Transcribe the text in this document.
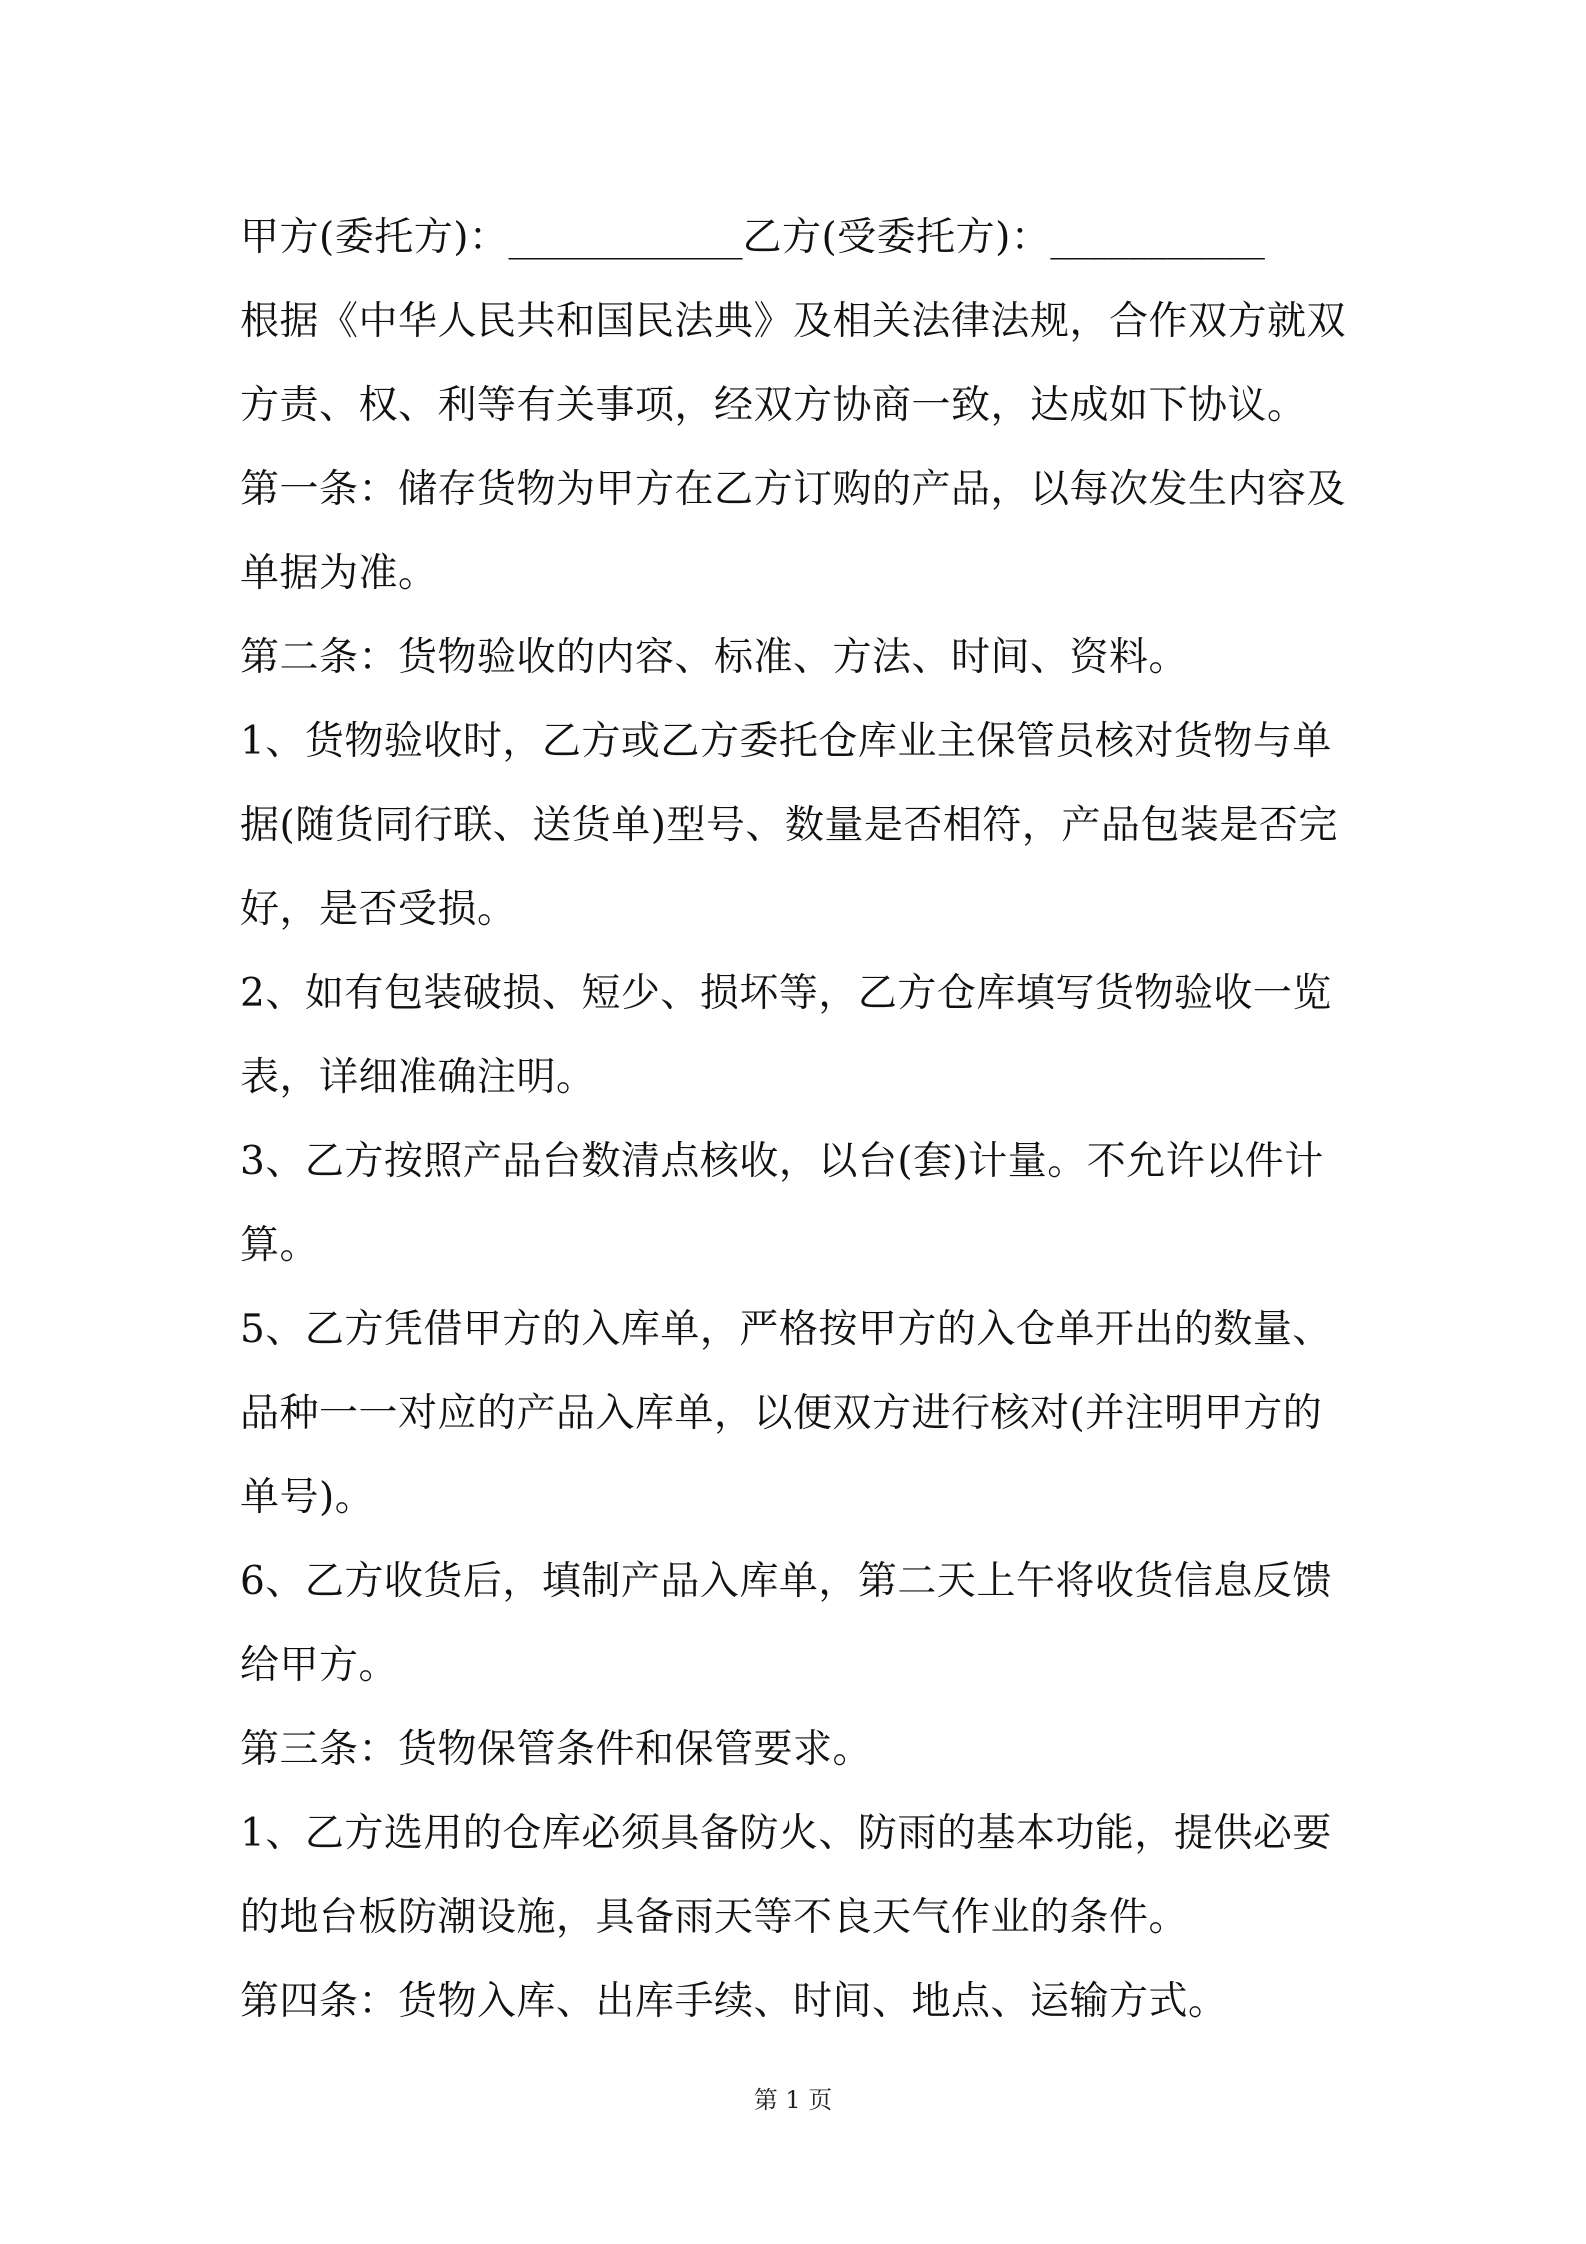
甲方(委托方)：____________乙方(受委托方)：___________
根据《中华人民共和国民法典》及相关法律法规，合作双方就双
方责、权、利等有关事项，经双方协商一致，达成如下协议。
第一条：储存货物为甲方在乙方订购的产品，以每次发生内容及
单据为准。
第二条：货物验收的内容、标准、方法、时间、资料。
1、货物验收时，乙方或乙方委托仓库业主保管员核对货物与单
据(随货同行联、送货单)型号、数量是否相符，产品包装是否完
好，是否受损。
2、如有包装破损、短少、损坏等，乙方仓库填写货物验收一览
表，详细准确注明。
3、乙方按照产品台数清点核收，以台(套)计量。不允许以件计
算。
5、乙方凭借甲方的入库单，严格按甲方的入仓单开出的数量、
品种一一对应的产品入库单，以便双方进行核对(并注明甲方的
单号)。
6、乙方收货后，填制产品入库单，第二天上午将收货信息反馈
给甲方。
第三条：货物保管条件和保管要求。
1、乙方选用的仓库必须具备防火、防雨的基本功能，提供必要
的地台板防潮设施，具备雨天等不良天气作业的条件。
第四条：货物入库、出库手续、时间、地点、运输方式。
第 1 页
